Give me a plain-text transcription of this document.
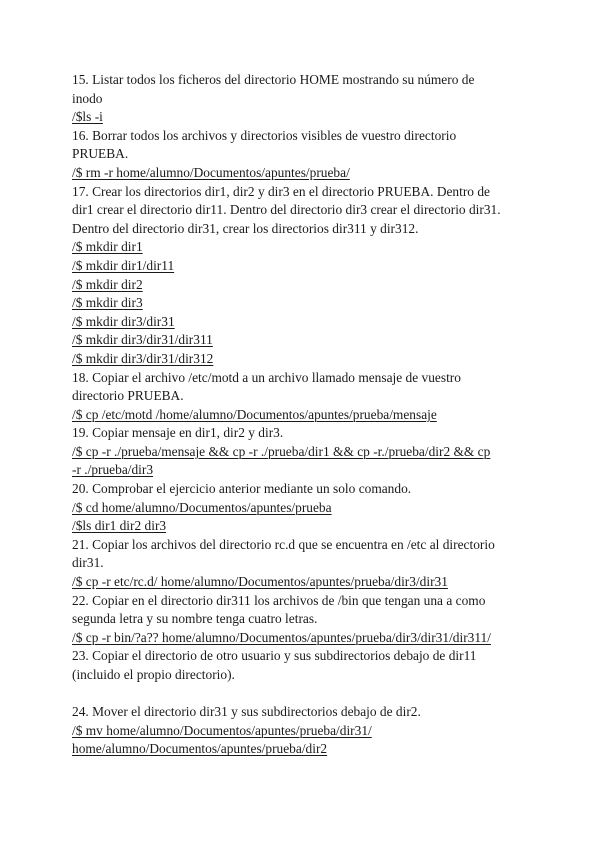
15. Listar todos los ficheros del directorio HOME mostrando su número de
inodo
/$ls -i
16. Borrar todos los archivos y directorios visibles de vuestro directorio
PRUEBA.
/$ rm -r home/alumno/Documentos/apuntes/prueba/
17. Crear los directorios dir1, dir2 y dir3 en el directorio PRUEBA. Dentro de
dir1 crear el directorio dir11. Dentro del directorio dir3 crear el directorio dir31.
Dentro del directorio dir31, crear los directorios dir311 y dir312.
/$ mkdir dir1
/$ mkdir dir1/dir11
/$ mkdir dir2
/$ mkdir dir3
/$ mkdir dir3/dir31
/$ mkdir dir3/dir31/dir311
/$ mkdir dir3/dir31/dir312
18. Copiar el archivo /etc/motd a un archivo llamado mensaje de vuestro
directorio PRUEBA.
/$ cp /etc/motd /home/alumno/Documentos/apuntes/prueba/mensaje
19. Copiar mensaje en dir1, dir2 y dir3.
/$ cp -r ./prueba/mensaje && cp -r ./prueba/dir1 && cp -r./prueba/dir2 && cp
-r ./prueba/dir3
20. Comprobar el ejercicio anterior mediante un solo comando.
/$ cd home/alumno/Documentos/apuntes/prueba
/$ls dir1 dir2 dir3
21. Copiar los archivos del directorio rc.d que se encuentra en /etc al directorio
dir31.
/$ cp -r etc/rc.d/ home/alumno/Documentos/apuntes/prueba/dir3/dir31
22. Copiar en el directorio dir311 los archivos de /bin que tengan una a como
segunda letra y su nombre tenga cuatro letras.
/$ cp -r bin/?a?? home/alumno/Documentos/apuntes/prueba/dir3/dir31/dir311/
23. Copiar el directorio de otro usuario y sus subdirectorios debajo de dir11
(incluido el propio directorio).
24. Mover el directorio dir31 y sus subdirectorios debajo de dir2.
/$ mv home/alumno/Documentos/apuntes/prueba/dir31/
home/alumno/Documentos/apuntes/prueba/dir2
